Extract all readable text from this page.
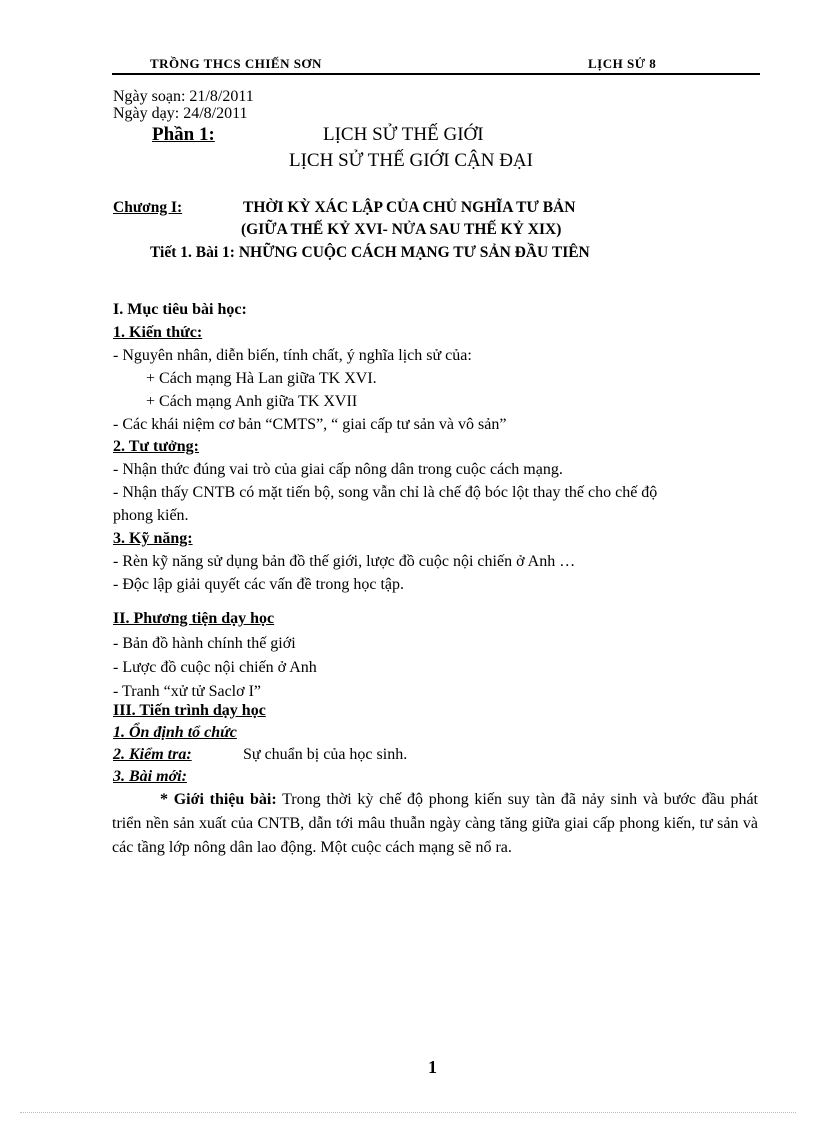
TRỒNG THCS CHIẾN SƠN	LỊCH SỬ 8
Ngày soạn: 21/8/2011
Ngày dạy: 24/8/2011
Phần 1:	LỊCH SỬ THẾ GIỚI
LỊCH SỬ THẾ GIỚI CẬN ĐẠI
Chương I:	THỜI KỲ XÁC LẬP CỦA CHỦ NGHĨA TƯ BẢN
(GIỮA THẾ KỶ XVI- NỬA SAU THẾ KỶ XIX)
Tiết 1. Bài 1: NHỮNG CUỘC CÁCH MẠNG TƯ SẢN ĐẦU TIÊN
I. Mục tiêu bài học:
1. Kiến thức:
- Nguyên nhân, diễn biến, tính chất, ý nghĩa lịch sử của:
+ Cách mạng Hà Lan giữa TK XVI.
+ Cách mạng Anh giữa TK XVII
- Các khái niệm cơ bản “CMTS”, “ giai cấp tư sản và vô sản”
2. Tư tưởng:
- Nhận thức đúng vai trò của giai cấp nông dân trong cuộc cách mạng.
- Nhận thấy CNTB có mặt tiến bộ, song vẫn chỉ là chế độ bóc lột thay thế cho chế độ
phong kiến.
3. Kỹ năng:
- Rèn kỹ năng sử dụng bản đồ thế giới, lược đồ cuộc nội chiến ở Anh …
- Độc lập giải quyết các vấn đề trong học tập.
II. Phương tiện dạy học
- Bản đồ hành chính thế giới
- Lược đồ cuộc nội chiến ở Anh
- Tranh “xử tử Saclơ I”
III. Tiến trình dạy học
1. Ổn định tổ chức
2. Kiểm tra:	Sự chuẩn bị của học sinh.
3. Bài mới:
* Giới thiệu bài: Trong thời kỳ chế độ phong kiến suy tàn đã nảy sinh và bước đầu phát triển nền sản xuất của CNTB, dẫn tới mâu thuẫn ngày càng tăng giữa giai cấp phong kiến, tư sản và các tầng lớp nông dân lao động. Một cuộc cách mạng sẽ nổ ra.
1
